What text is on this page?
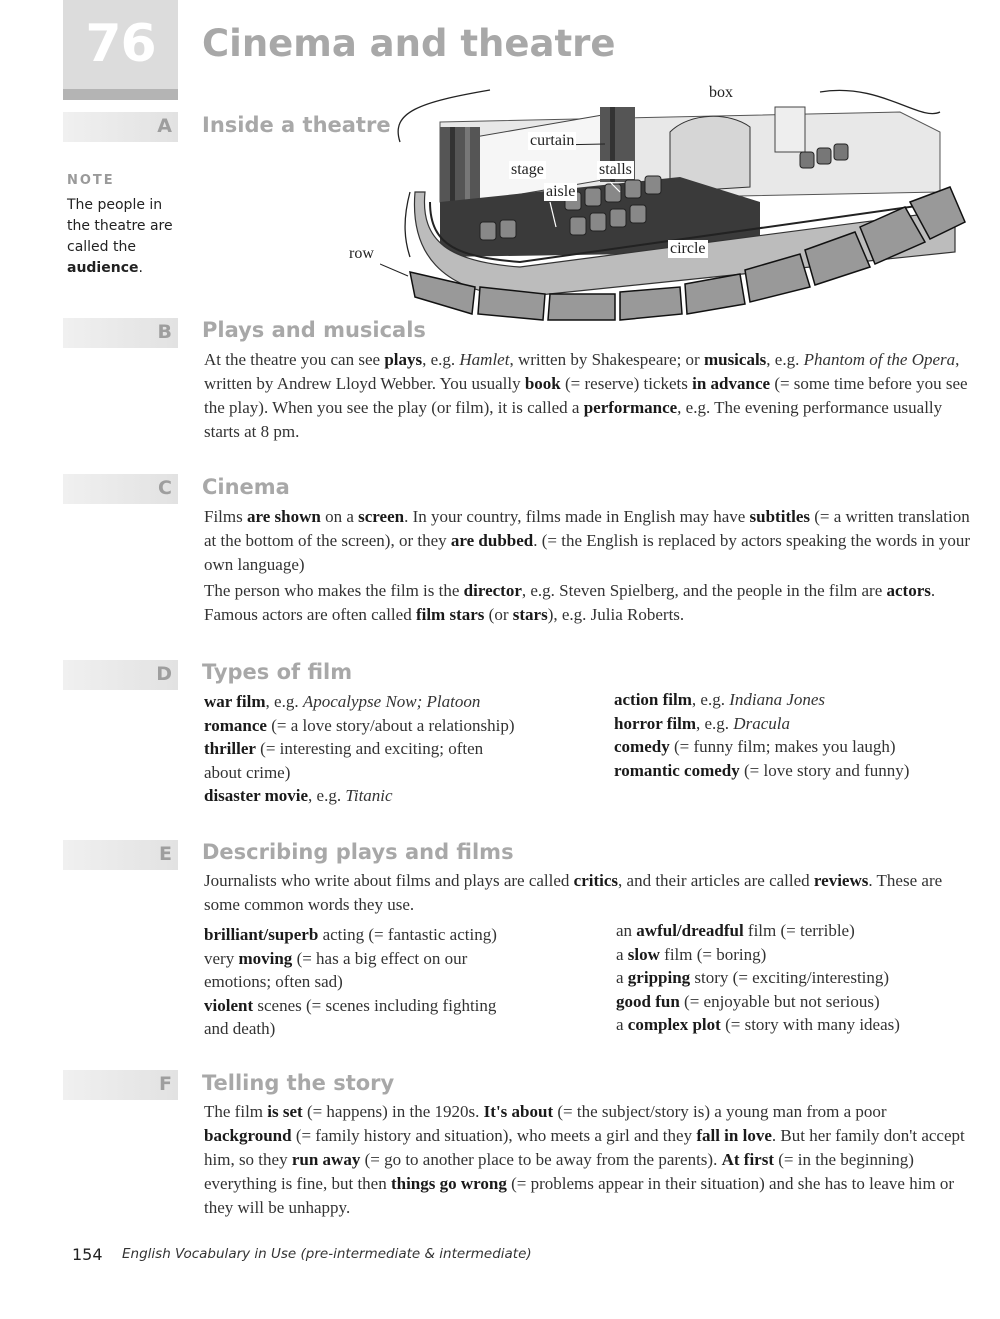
76	Cinema and theatre
A Inside a theatre
NOTE
The people in the theatre are called the audience.
box
curtain
stage	stalls
aisle
circle
row
B Plays and musicals
At the theatre you can see plays, e.g. Hamlet, written by Shakespeare; or musicals, e.g. Phantom of the Opera, written by Andrew Lloyd Webber. You usually book (= reserve) tickets in advance (= some time before you see the play). When you see the play (or film), it is called a performance, e.g. The evening performance usually starts at 8 pm.
C Cinema
Films are shown on a screen. In your country, films made in English may have subtitles (= a written translation at the bottom of the screen), or they are dubbed. (= the English is replaced by actors speaking the words in your own language)
The person who makes the film is the director, e.g. Steven Spielberg, and the people in the film are actors. Famous actors are often called film stars (or stars), e.g. Julia Roberts.
D Types of film
war film, e.g. Apocalypse Now; Platoon
romance (= a love story/about a relationship)
thriller (= interesting and exciting; often
about crime)
disaster movie, e.g. Titanic
action film, e.g. Indiana Jones
horror film, e.g. Dracula
comedy (= funny film; makes you laugh)
romantic comedy (= love story and funny)
E Describing plays and films
Journalists who write about films and plays are called critics, and their articles are called reviews. These are some common words they use.
brilliant/superb acting (= fantastic acting)
very moving (= has a big effect on our
emotions; often sad)
violent scenes (= scenes including fighting
and death)
an awful/dreadful film (= terrible)
a slow film (= boring)
a gripping story (= exciting/interesting)
good fun (= enjoyable but not serious)
a complex plot (= story with many ideas)
F Telling the story
The film is set (= happens) in the 1920s. It's about (= the subject/story is) a young man from a poor background (= family history and situation), who meets a girl and they fall in love. But her family don't accept him, so they run away (= go to another place to be away from the parents). At first (= in the beginning) everything is fine, but then things go wrong (= problems appear in their situation) and she has to leave him or they will be unhappy.
154 English Vocabulary in Use (pre-intermediate & intermediate)
